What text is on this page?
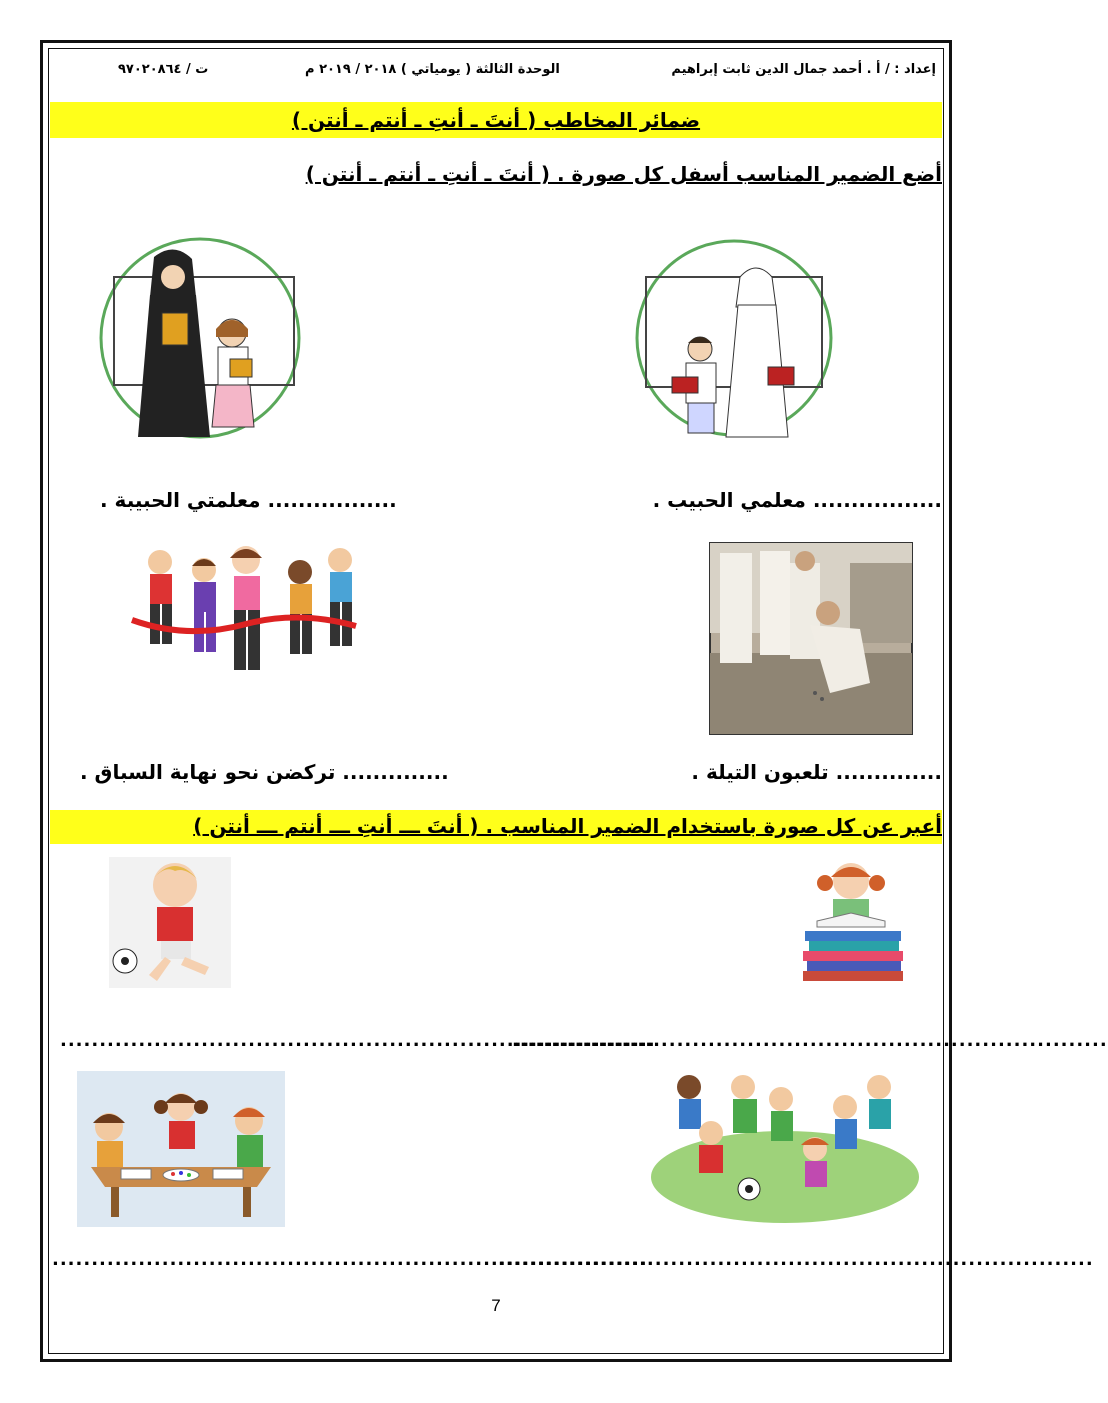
إعداد : / أ . أحمد جمال الدين ثابت إبراهيم
الوحدة الثالثة ( يومياتي ) ٢٠١٨ / ٢٠١٩ م
ت / ٩٧٠٢٠٨٦٤
ضمائر المخاطب ( أنتَ ـ أنتِ ـ أنتم ـ أنتن )
أضع الضمير المناسب أسفل كل صورة . ( أنتَ ـ أنتِ ـ أنتم ـ أنتن )
................. معلمي الحبيب .
................. معلمتي الحبيبة .
.............. تلعبون التيلة .
.............. تركضن نحو نهاية السباق .
أعبر عن كل صورة باستخدام الضمير المناسب . ( أنتَ ـــ أنتِ ـــ أنتم ـــ أنتن )
............................................................................
............................................................................
............................................................................
............................................................................
7
